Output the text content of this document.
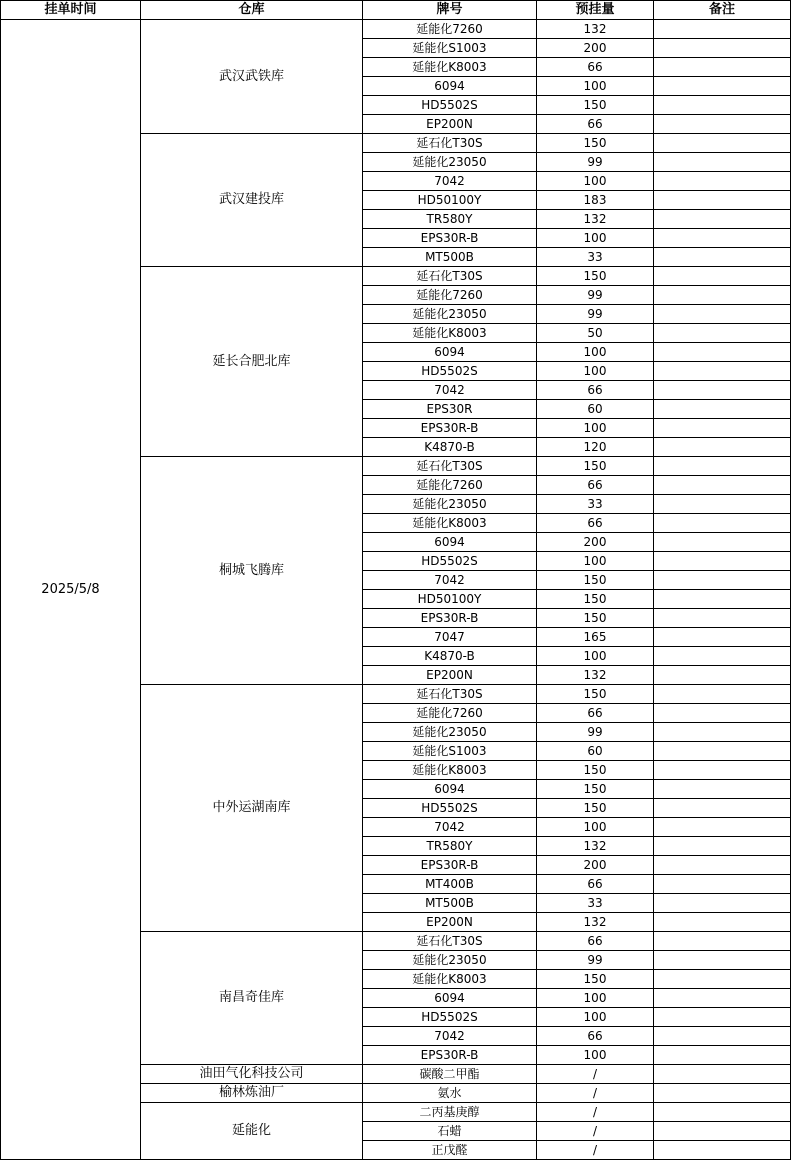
挂单时间	仓库	牌号	预挂量	备注
2025/5/8	武汉武铁库	延能化7260	132	
		延能化S1003	200	
		延能化K8003	66	
		6094	100	
		HD5502S	150	
		EP200N	66	
	武汉建投库	延石化T30S	150	
		延能化23050	99	
		7042	100	
		HD50100Y	183	
		TR580Y	132	
		EPS30R-B	100	
		MT500B	33	
	延长合肥北库	延石化T30S	150	
		延能化7260	99	
		延能化23050	99	
		延能化K8003	50	
		6094	100	
		HD5502S	100	
		7042	66	
		EPS30R	60	
		EPS30R-B	100	
		K4870-B	120	
	桐城飞腾库	延石化T30S	150	
		延能化7260	66	
		延能化23050	33	
		延能化K8003	66	
		6094	200	
		HD5502S	100	
		7042	150	
		HD50100Y	150	
		EPS30R-B	150	
		7047	165	
		K4870-B	100	
		EP200N	132	
	中外运湖南库	延石化T30S	150	
		延能化7260	66	
		延能化23050	99	
		延能化S1003	60	
		延能化K8003	150	
		6094	150	
		HD5502S	150	
		7042	100	
		TR580Y	132	
		EPS30R-B	200	
		MT400B	66	
		MT500B	33	
		EP200N	132	
	南昌奇佳库	延石化T30S	66	
		延能化23050	99	
		延能化K8003	150	
		6094	100	
		HD5502S	100	
		7042	66	
		EPS30R-B	100	
	油田气化科技公司	碳酸二甲酯	/	
	榆林炼油厂	氨水	/	
	延能化	二丙基庚醇	/	
		石蜡	/	
		正戊醛	/	
